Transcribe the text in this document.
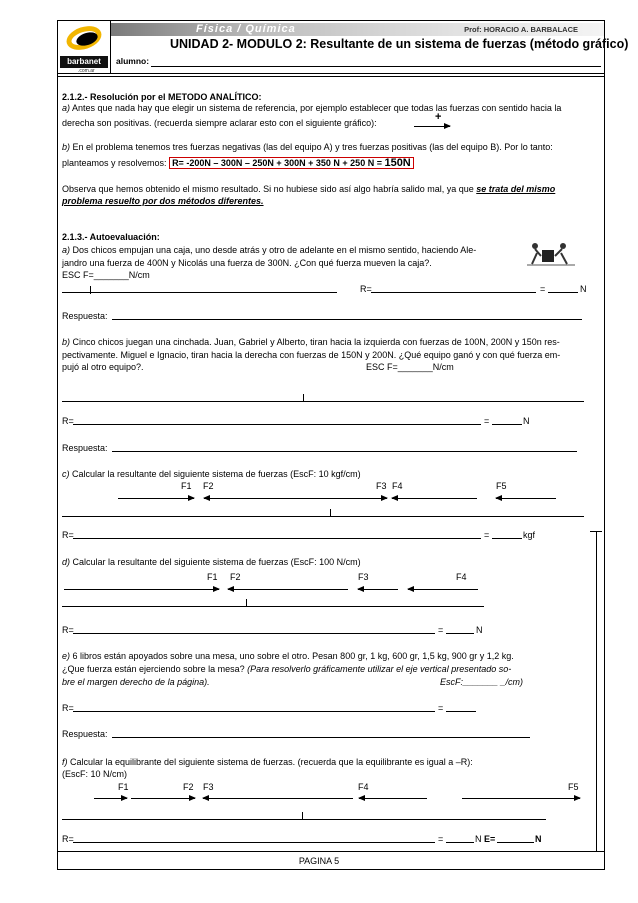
barbanet
.com.ar
Física / Química	Prof: HORACIO A. BARBALACE
UNIDAD 2- MODULO 2: Resultante de un sistema de fuerzas (método gráfico)
alumno:
2.1.2.- Resolución por el METODO ANALÍTICO:
a) Antes que nada hay que elegir un sistema de referencia, por ejemplo establecer que todas las fuerzas con sentido hacia la
derecha son positivas. (recuerda siempre aclarar esto con el siguiente gráfico):	+
b) En el problema tenemos tres fuerzas negativas (las del equipo A) y tres fuerzas positivas (las del equipo B). Por lo tanto:
planteamos y resolvemos: R= -200N – 300N – 250N + 300N + 350 N + 250 N = 150N
Observa que hemos obtenido el mismo resultado. Si no hubiese sido así algo habría salido mal, ya que se trata del mismo
problema resuelto por dos métodos diferentes.
2.1.3.- Autoevaluación:
a) Dos chicos empujan una caja, uno desde atrás y otro de adelante en el mismo sentido, haciendo Ale-
jandro una fuerza de 400N y Nicolás una fuerza de 300N. ¿Con qué fuerza mueven la caja?.
ESC F=_______N/cm
R=	=	N
Respuesta:
b) Cinco chicos juegan una cinchada. Juan, Gabriel y Alberto, tiran hacia la izquierda con fuerzas de 100N, 200N y 150n res-
pectivamente. Miguel e Ignacio, tiran hacia la derecha con fuerzas de 150N y 200N. ¿Qué equipo ganó y con qué fuerza em-
pujó al otro equipo?.	ESC F=_______N/cm
R=	=	N
Respuesta:
c) Calcular la resultante del siguiente sistema de fuerzas (EscF: 10 kgf/cm)
F1 F2	F3 F4	F5
R=	=	kgf
d) Calcular la resultante del siguiente sistema de fuerzas (EscF: 100 N/cm)
F1 F2	F3	F4
R=	=	N
e) 6 libros están apoyados sobre una mesa, uno sobre el otro. Pesan 800 gr, 1 kg, 600 gr, 1,5 kg, 900 gr y 1,2 kg.
¿Que fuerza están ejerciendo sobre la mesa? (Para resolverlo gráficamente utilizar el eje vertical presentado so-
bre el margen derecho de la página).	EscF:_______ _/cm)
R=	=
Respuesta:
f) Calcular la equilibrante del siguiente sistema de fuerzas. (recuerda que la equilibrante es igual a –R):
(EscF: 10 N/cm)
F1	F2 F3	F4	F5
R=	=	N E=	N
PAGINA 5
